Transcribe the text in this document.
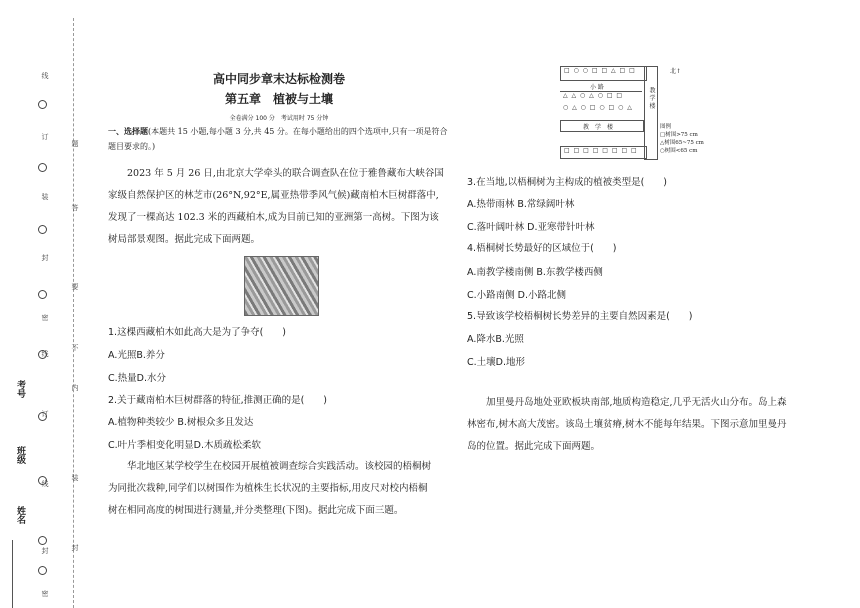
线
订
题
装
答
封
要
密
不
线
内
订
线
装
封	封
密
考号
班级
姓名
高中同步章末达标检测卷
第五章　植被与土壤
全卷满分 100 分　考试用时 75 分钟
一、选择题(本题共 15 小题,每小题 3 分,共 45 分。在每小题给出的四个选项中,只有一项是符合题目要求的。)
　　2023 年 5 月 26 日,由北京大学牵头的联合调查队在位于雅鲁藏布大峡谷国
家级自然保护区的林芝市(26°N,92°E,属亚热带季风气候)藏南柏木巨树群落中,
发现了一棵高达 102.3 米的西藏柏木,成为目前已知的亚洲第一高树。下图为该
树局部景观图。据此完成下面两题。
1.这棵西藏柏木如此高大是为了争夺(　　)
A.光照B.养分
C.热量D.水分
2.关于藏南柏木巨树群落的特征,推测正确的是(　　)
A.植物种类较少 B.树根众多且发达
C.叶片季相变化明显D.木质疏松柔软
　　华北地区某学校学生在校园开展植被调查综合实践活动。该校园的梧桐树
为同批次栽种,同学们以树围作为植株生长状况的主要指标,用皮尺对校内梧桐
树在相同高度的树围进行测量,并分类整理(下图)。据此完成下面三题。
□ ○ ○ □ □ △ □ □
小 路
△ △ ○ △ ○ □ □
○ △ ○ □ ○ □ ○ △
教　学　楼
□ □ □ □ □ □ □ □
教 学 楼
北↑
图例
□树围>75 cm
△树围65~75 cm
○树围<65 cm
3.在当地,以梧桐树为主构成的植被类型是(　　)
A.热带雨林 B.常绿阔叶林
C.落叶阔叶林 D.亚寒带针叶林
4.梧桐树长势最好的区域位于(　　)
A.南教学楼南侧 B.东教学楼西侧
C.小路南侧 D.小路北侧
5.导致该学校梧桐树长势差异的主要自然因素是(　　)
A.降水B.光照
C.土壤D.地形
　　加里曼丹岛地处亚欧板块南部,地质构造稳定,几乎无活火山分布。岛上森
林密布,树木高大茂密。该岛土壤贫瘠,树木不能每年结果。下图示意加里曼丹
岛的位置。据此完成下面两题。
